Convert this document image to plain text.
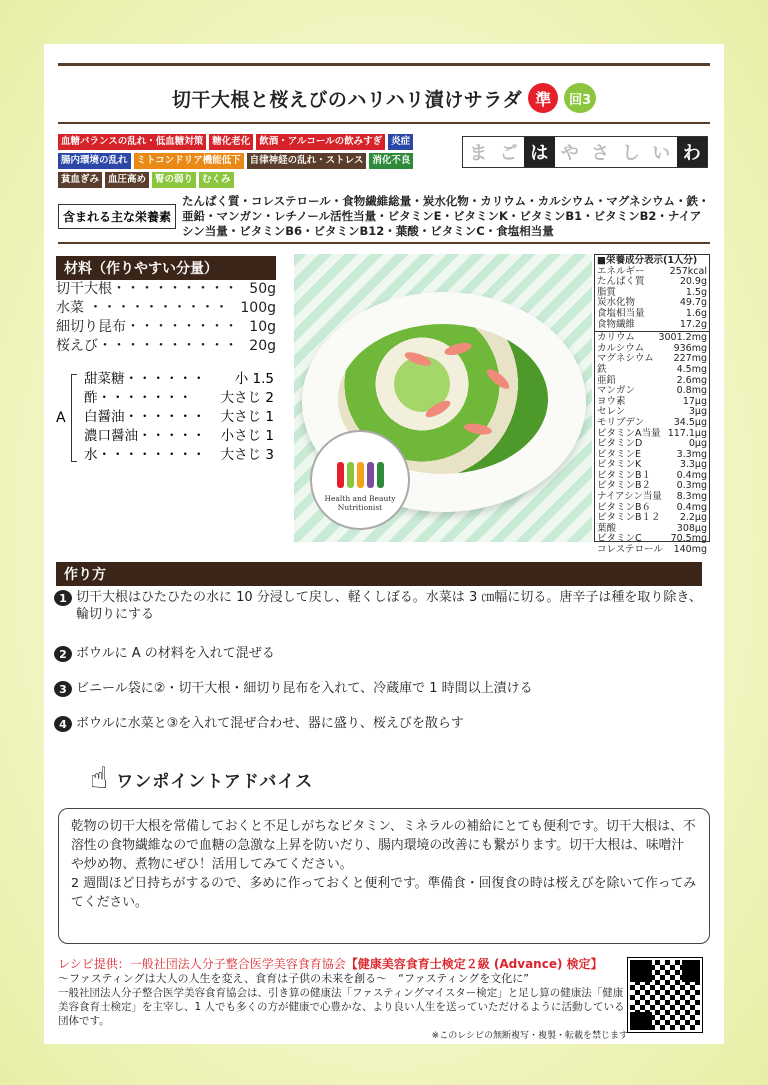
切干大根と桜えびのハリハリ漬けサラダ 準	回3
血糖バランスの乱れ・低血糖対策 糖化老化 飲酒・アルコールの飲みすぎ 炎症
腸内環境の乱れ ミトコンドリア機能低下 自律神経の乱れ・ストレス 消化不良
貧血ぎみ 血圧高め 腎の弱り むくみ
ま ご は や さ し い わ
含まれる主な栄養素
たんぱく質・コレステロール・食物繊維総量・炭水化物・カリウム・カルシウム・マグネシウム・鉄・亜鉛・マンガン・レチノール活性当量・ビタミンE・ビタミンK・ビタミンB1・ビタミンB2・ナイアシン当量・ビタミンB6・ビタミンB12・葉酸・ビタミンC・食塩相当量
材料（作りやすい分量）
切干大根・・・・・・・・・ 50g
水菜 ・・・・・・・・・・ 100g
細切り昆布・・・・・・・・ 10g
桜えび・・・・・・・・・・ 20g
A
甜菜糖・・・・・・ 小 1.5
酢・・・・・・・ 大さじ 2
白醤油・・・・・・ 大さじ 1
濃口醤油・・・・・ 小さじ 1
水・・・・・・・・ 大さじ 3
Health and Beauty Nutritionist
■栄養成分表示(1人分)
エネルギー	257kcal
たんぱく質	20.9g
脂質	1.5g
炭水化物	49.7g
食塩相当量	1.6g
食物繊維	17.2g
カリウム 3001.2mg
カルシウム	936mg
マグネシウム 227mg
鉄	4.5mg
亜鉛	2.6mg
マンガン	0.8mg
ヨウ素	17μg
セレン	3μg
モリブデン	34.5μg
ビタミンA当量 117.1μg
ビタミンD	0μg
ビタミンE	3.3mg
ビタミンK	3.3μg
ビタミンB１	0.4mg
ビタミンB２	0.3mg
ナイアシン当量 8.3mg
ビタミンB６	0.4mg
ビタミンB１２ 2.2μg
葉酸	308μg
ビタミンC	70.5mg
コレステロール 140mg
作り方
1 切干大根はひたひたの水に 10 分浸して戻し、軽くしぼる。水菜は 3 ㎝幅に切る。唐辛子は種を取り除き、輪切りにする
2 ボウルに A の材料を入れて混ぜる
3 ビニール袋に②・切干大根・細切り昆布を入れて、冷蔵庫で 1 時間以上漬ける
4 ボウルに水菜と③を入れて混ぜ合わせ、器に盛り、桜えびを散らす
☝ ワンポイントアドバイス

乾物の切干大根を常備しておくと不足しがちなビタミン、ミネラルの補給にとても便利です。切干大根は、不溶性の食物繊維なので血糖の急激な上昇を防いだり、腸内環境の改善にも繋がります。切干大根は、味噌汁や炒め物、煮物にぜひ！活用してみてください。

2 週間ほど日持ちがするので、多めに作っておくと便利です。準備食・回復食の時は桜えびを除いて作ってみてください。

レシピ提供：一般社団法人分子整合医学美容食育協会【健康美容食育士検定２級 (Advance) 検定】
～ファスティングは大人の人生を変え、食育は子供の未来を創る～　“ファスティングを文化に”
一般社団法人分子整合医学美容食育協会は、引き算の健康法「ファスティングマイスター検定」と足し算の健康法「健康美容食育士検定」を主宰し、1 人でも多くの方が健康で心豊かな、より良い人生を送っていただけるように活動している団体です。
※このレシピの無断複写・複製・転載を禁じます
